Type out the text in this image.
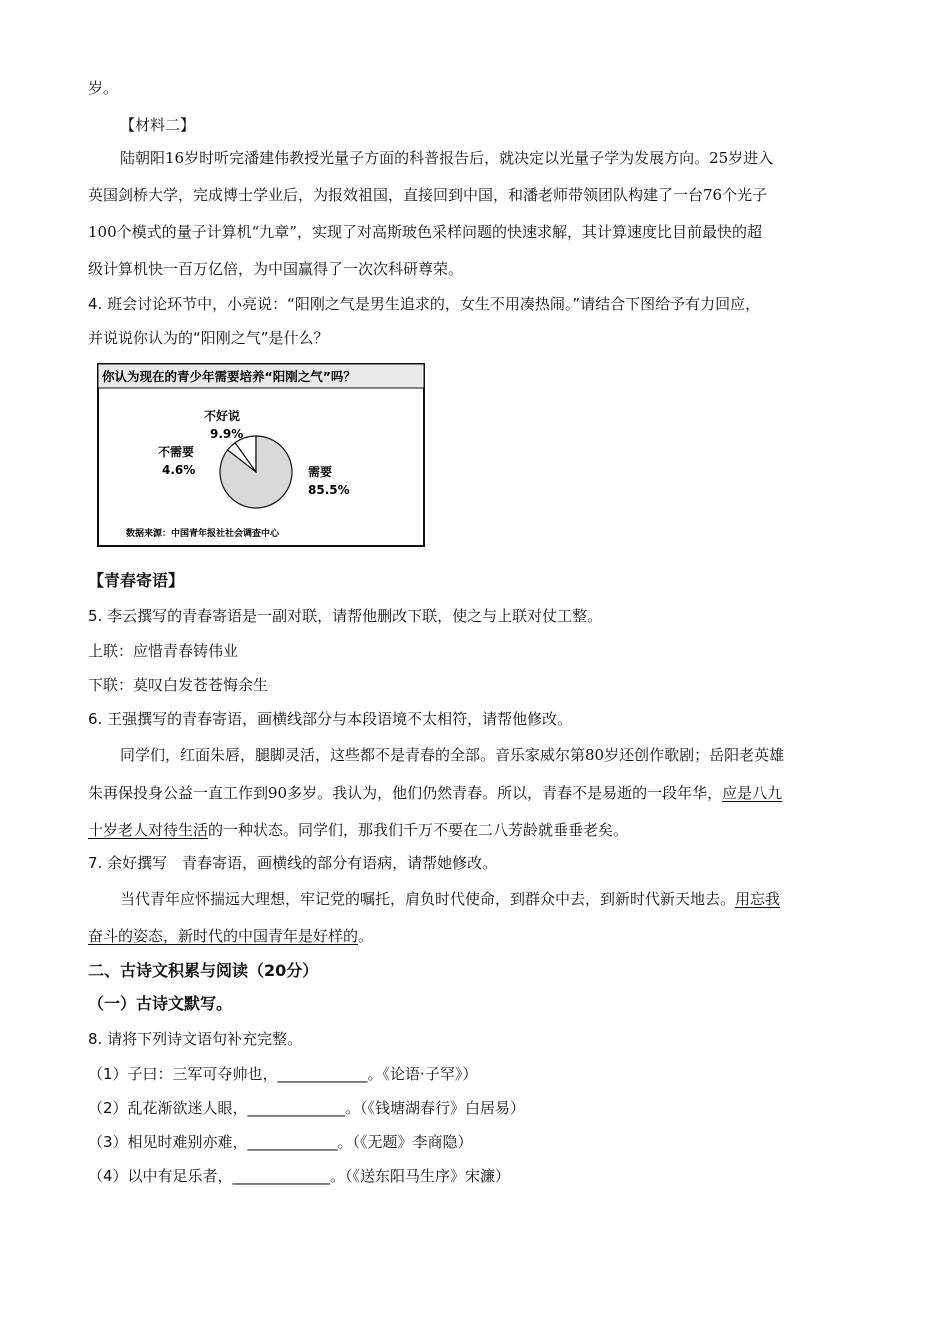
岁。
【材料二】
陆朝阳16岁时听完潘建伟教授光量子方面的科普报告后，就决定以光量子学为发展方向。25岁进入
英国剑桥大学，完成博士学业后，为报效祖国，直接回到中国，和潘老师带领团队构建了一台76个光子
100个模式的量子计算机“九章”，实现了对高斯玻色采样问题的快速求解，其计算速度比目前最快的超
级计算机快一百万亿倍，为中国赢得了一次次科研尊荣。
4. 班会讨论环节中，小亮说：“阳刚之气是男生追求的，女生不用凑热闹。”请结合下图给予有力回应，
并说说你认为的“阳刚之气”是什么？
你认为现在的青少年需要培养“阳刚之气”吗？
不好说
9.9%
不需要
4.6%	需要
85.5%
数据来源：中国青年报社社会调查中心
【青春寄语】
5. 李云撰写的青春寄语是一副对联，请帮他删改下联，使之与上联对仗工整。
上联：应惜青春铸伟业
下联：莫叹白发苍苍悔余生
6. 王强撰写的青春寄语，画横线部分与本段语境不太相符，请帮他修改。
同学们，红面朱唇，腿脚灵活，这些都不是青春的全部。音乐家威尔第80岁还创作歌剧；岳阳老英雄
朱再保投身公益一直工作到90多岁。我认为，他们仍然青春。所以，青春不是易逝的一段年华，应是八九
十岁老人对待生活的一种状态。同学们，那我们千万不要在二八芳龄就垂垂老矣。
7. 余好撰写　青春寄语，画横线的部分有语病，请帮她修改。
当代青年应怀揣远大理想，牢记党的嘱托，肩负时代使命，到群众中去，到新时代新天地去。用忘我
奋斗的姿态，新时代的中国青年是好样的。
二、古诗文积累与阅读（20分）
（一）古诗文默写。
8. 请将下列诗文语句补充完整。
（1）子曰：三军可夺帅也，____________。《论语·子罕》）
（2）乱花渐欲迷人眼，_____________。（《钱塘湖春行》白居易）
（3）相见时难别亦难，____________。（《无题》李商隐）
（4）以中有足乐者，_____________。（《送东阳马生序》宋濂）
